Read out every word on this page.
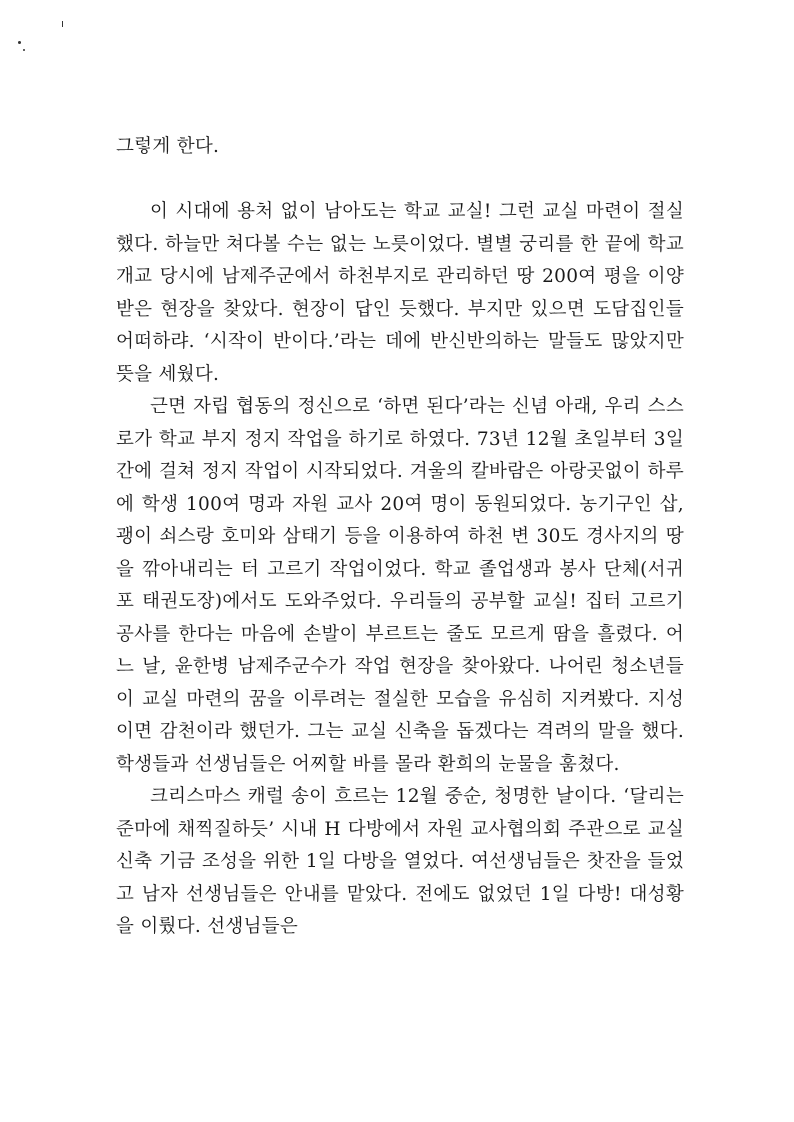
그렇게 한다.

이 시대에 용처 없이 남아도는 학교 교실! 그런 교실 마련이 절실했다. 하늘만 쳐다볼 수는 없는 노릇이었다. 별별 궁리를 한 끝에 학교 개교 당시에 남제주군에서 하천부지로 관리하던 땅 200여 평을 이양받은 현장을 찾았다. 현장이 답인 듯했다. 부지만 있으면 도담집인들 어떠하랴. ‘시작이 반이다.’라는 데에 반신반의하는 말들도 많았지만 뜻을 세웠다.

근면 자립 협동의 정신으로 ‘하면 된다’라는 신념 아래, 우리 스스로가 학교 부지 정지 작업을 하기로 하였다. 73년 12월 초일부터 3일간에 걸쳐 정지 작업이 시작되었다. 겨울의 칼바람은 아랑곳없이 하루에 학생 100여 명과 자원 교사 20여 명이 동원되었다. 농기구인 삽, 괭이 쇠스랑 호미와 삼태기 등을 이용하여 하천 변 30도 경사지의 땅을 깎아내리는 터 고르기 작업이었다. 학교 졸업생과 봉사 단체(서귀포 태권도장)에서도 도와주었다. 우리들의 공부할 교실! 집터 고르기 공사를 한다는 마음에 손발이 부르트는 줄도 모르게 땀을 흘렸다. 어느 날, 윤한병 남제주군수가 작업 현장을 찾아왔다. 나어린 청소년들이 교실 마련의 꿈을 이루려는 절실한 모습을 유심히 지켜봤다. 지성이면 감천이라 했던가. 그는 교실 신축을 돕겠다는 격려의 말을 했다. 학생들과 선생님들은 어찌할 바를 몰라 환희의 눈물을 훔쳤다.

크리스마스 캐럴 송이 흐르는 12월 중순, 청명한 날이다. ‘달리는 준마에 채찍질하듯’ 시내 H 다방에서 자원 교사협의회 주관으로 교실 신축 기금 조성을 위한 1일 다방을 열었다. 여선생님들은 찻잔을 들었고 남자 선생님들은 안내를 맡았다. 전에도 없었던 1일 다방! 대성황을 이뤘다. 선생님들은
